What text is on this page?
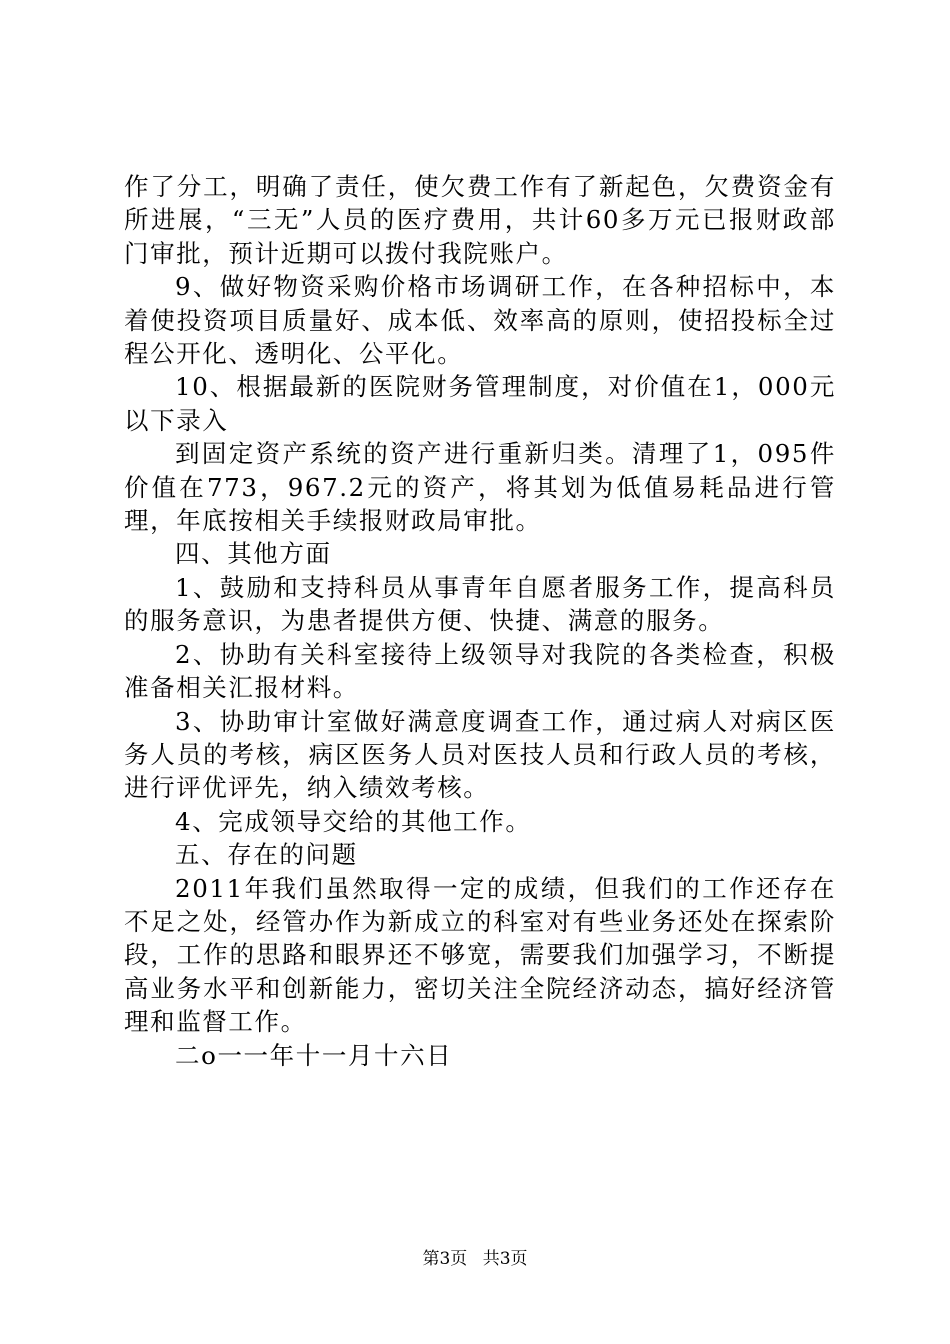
作了分工，明确了责任，使欠费工作有了新起色，欠费资金有所进展，“三无”人员的医疗费用，共计60多万元已报财政部门审批，预计近期可以拨付我院账户。

9、做好物资采购价格市场调研工作，在各种招标中，本着使投资项目质量好、成本低、效率高的原则，使招投标全过程公开化、透明化、公平化。

10、根据最新的医院财务管理制度，对价值在1，000元以下录入

到固定资产系统的资产进行重新归类。清理了1，095件价值在773，967.2元的资产，将其划为低值易耗品进行管理，年底按相关手续报财政局审批。

四、其他方面

1、鼓励和支持科员从事青年自愿者服务工作，提高科员的服务意识，为患者提供方便、快捷、满意的服务。

2、协助有关科室接待上级领导对我院的各类检查，积极准备相关汇报材料。

3、协助审计室做好满意度调查工作，通过病人对病区医务人员的考核，病区医务人员对医技人员和行政人员的考核，进行评优评先，纳入绩效考核。

4、完成领导交给的其他工作。

五、存在的问题

2011年我们虽然取得一定的成绩，但我们的工作还存在不足之处，经管办作为新成立的科室对有些业务还处在探索阶段，工作的思路和眼界还不够宽，需要我们加强学习，不断提高业务水平和创新能力，密切关注全院经济动态，搞好经济管理和监督工作。

二o一一年十一月十六日

第3页 共3页
